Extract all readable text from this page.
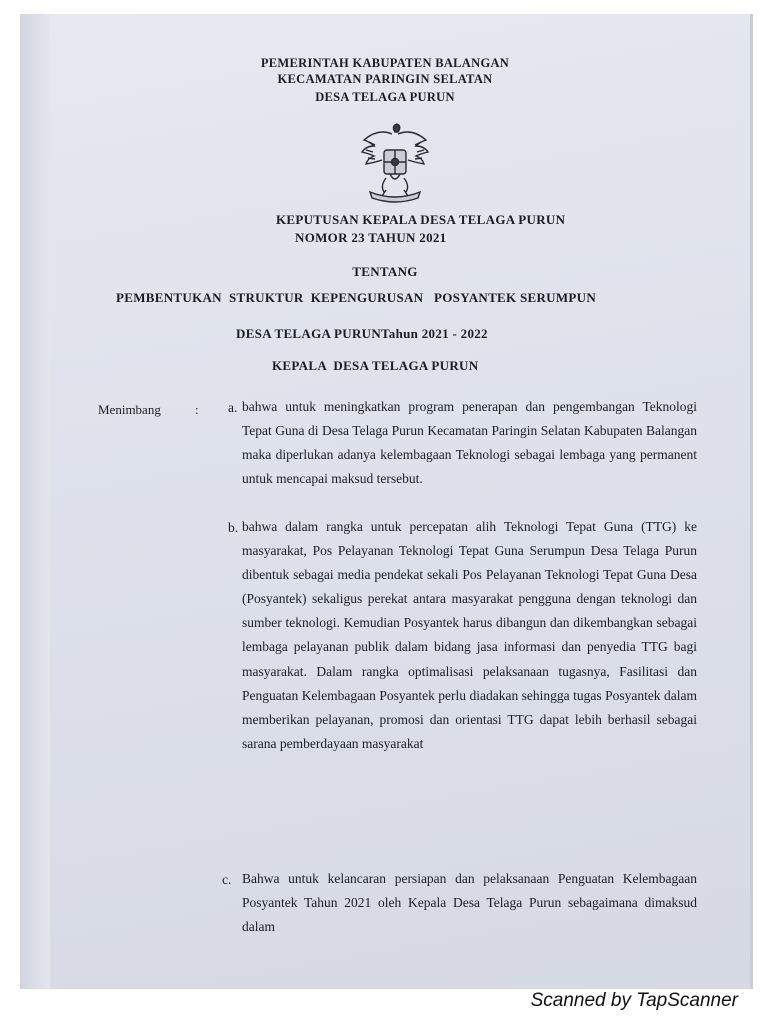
PEMERINTAH KABUPATEN BALANGAN
KECAMATAN PARINGIN SELATAN
DESA TELAGA PURUN
KEPUTUSAN KEPALA DESA TELAGA PURUN
NOMOR 23 TAHUN 2021
TENTANG
PEMBENTUKAN  STRUKTUR  KEPENGURUSAN   POSYANTEK SERUMPUN
DESA TELAGA PURUNTahun 2021 - 2022
KEPALA  DESA TELAGA PURUN
Menimbang	: a. bahwa untuk meningkatkan program penerapan dan pengembangan Teknologi Tepat Guna di Desa Telaga Purun Kecamatan Paringin Selatan Kabupaten Balangan maka diperlukan adanya kelembagaan Teknologi sebagai lembaga yang permanent untuk mencapai maksud tersebut.
b. bahwa dalam rangka untuk percepatan alih Teknologi Tepat Guna (TTG) ke masyarakat, Pos Pelayanan Teknologi Tepat Guna Serumpun Desa Telaga Purun dibentuk sebagai media pendekat sekali Pos Pelayanan Teknologi Tepat Guna Desa (Posyantek) sekaligus perekat antara masyarakat pengguna dengan teknologi dan sumber teknologi. Kemudian Posyantek harus dibangun dan dikembangkan sebagai lembaga pelayanan publik dalam bidang jasa informasi dan penyedia TTG bagi masyarakat. Dalam rangka optimalisasi pelaksanaan tugasnya, Fasilitasi dan Penguatan Kelembagaan Posyantek perlu diadakan sehingga tugas Posyantek dalam memberikan pelayanan, promosi dan orientasi TTG dapat lebih berhasil sebagai sarana pemberdayaan masyarakat
c. Bahwa untuk kelancaran persiapan dan pelaksanaan Penguatan Kelembagaan Posyantek Tahun 2021 oleh Kepala Desa Telaga Purun sebagaimana dimaksud dalam
Scanned by TapScanner
